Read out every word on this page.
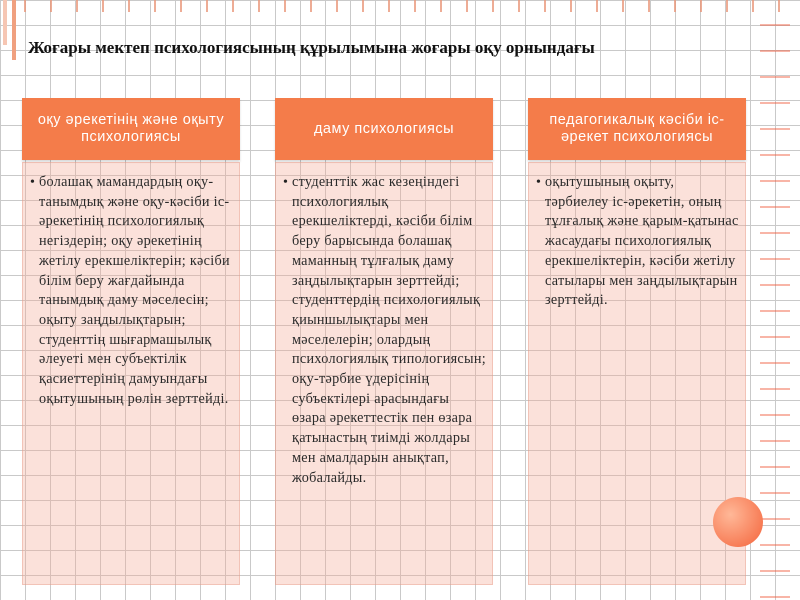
Жоғары мектеп психологиясының құрылымына жоғары оқу орнындағы
оқу әрекетінің және оқыту психологиясы
• болашақ мамандардың оқу-танымдық және оқу-кәсіби іс-әрекетінің психологиялық негіздерін; оқу әрекетінің жетілу ерекшеліктерін; кәсіби білім беру жағдайында танымдық даму мәселесін; оқыту заңдылықтарын; студенттің шығармашылық әлеуеті мен субъектілік қасиеттерінің дамуындағы оқытушының рөлін зерттейді.
даму психологиясы
• студенттік жас кезеңіндегі психологиялық ерекшеліктерді, кәсіби білім беру барысында болашақ маманның тұлғалық даму заңдылықтарын зерттейді; студенттердің психологиялық қиыншылықтары мен мәселелерін; олардың психологиялық типологиясын; оқу-тәрбие үдерісінің субъектілері арасындағы өзара әрекеттестік пен өзара қатынастың тиімді жолдары мен амалдарын анықтап, жобалайды.
педагогикалық кәсіби іс-әрекет психологиясы
• оқытушының оқыту, тәрбиелеу іс-әрекетін, оның тұлғалық және қарым-қатынас жасаудағы психологиялық ерекшеліктерін, кәсіби жетілу сатылары мен заңдылықтарын зерттейді.
